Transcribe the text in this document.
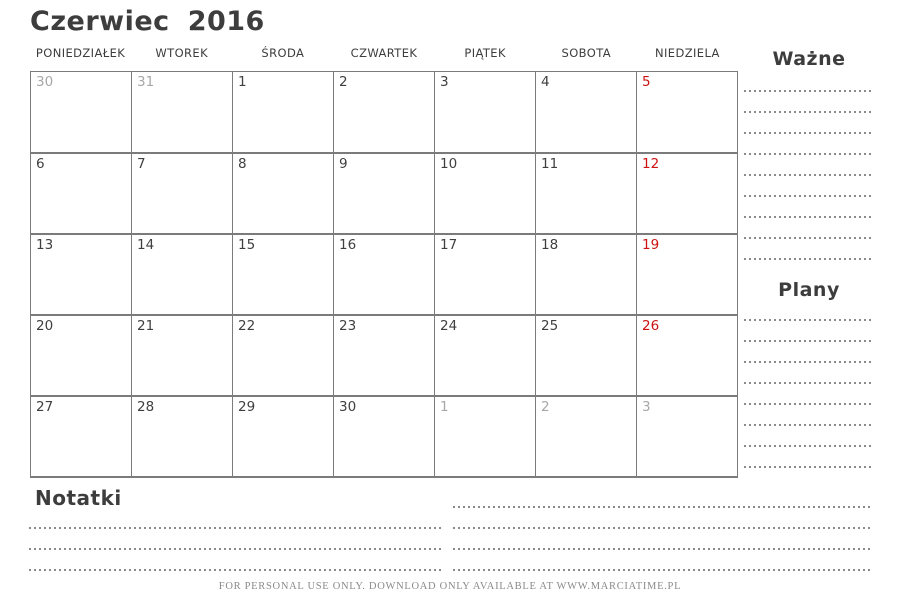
Czerwiec 2016
PONIEDZIAŁEK	WTOREK	ŚRODA	CZWARTEK	PIĄTEK	SOBOTA	NIEDZIELA
30	31	1	2	3	4	5
6	7	8	9	10	11	12
13	14	15	16	17	18	19
20	21	22	23	24	25	26
27	28	29	30	1	2	3
Ważne
Plany
Notatki
FOR PERSONAL USE ONLY. DOWNLOAD ONLY AVAILABLE AT WWW.MARCIATIME.PL
